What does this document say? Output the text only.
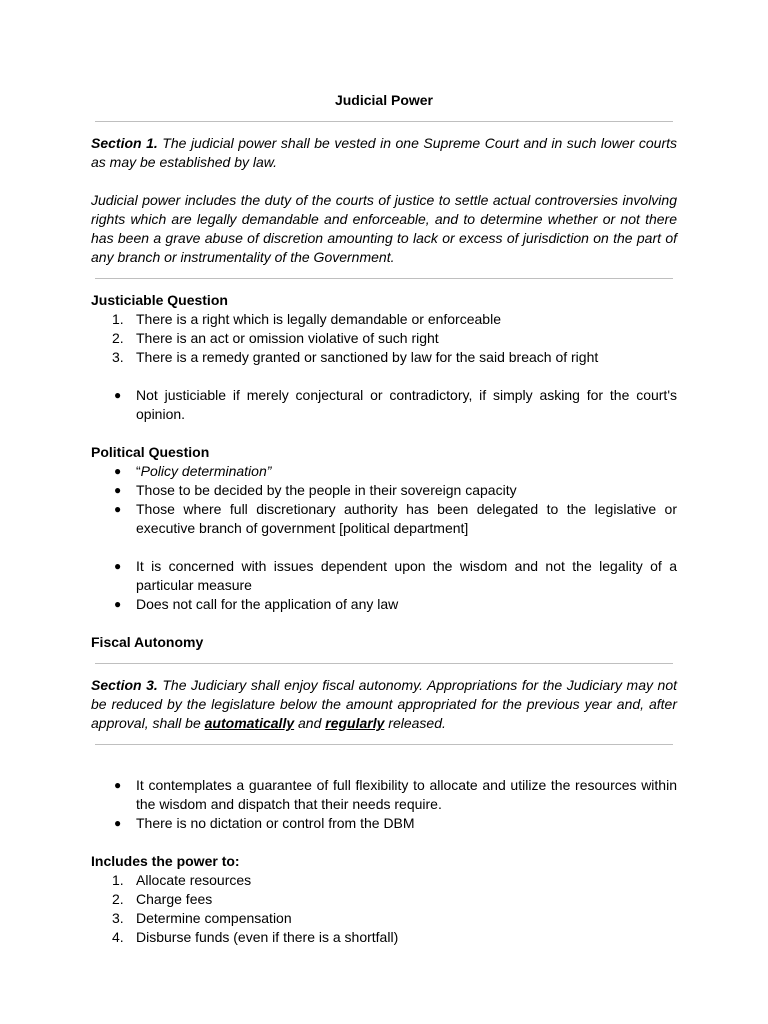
Judicial Power

Section 1. The judicial power shall be vested in one Supreme Court and in such lower courts as may be established by law.

Judicial power includes the duty of the courts of justice to settle actual controversies involving rights which are legally demandable and enforceable, and to determine whether or not there has been a grave abuse of discretion amounting to lack or excess of jurisdiction on the part of any branch or instrumentality of the Government.

Justiciable Question
1. There is a right which is legally demandable or enforceable
2. There is an act or omission violative of such right
3. There is a remedy granted or sanctioned by law for the said breach of right
● Not justiciable if merely conjectural or contradictory, if simply asking for the court's opinion.
Political Question
● “Policy determination”
● Those to be decided by the people in their sovereign capacity
● Those where full discretionary authority has been delegated to the legislative or executive branch of government [political department]
● It is concerned with issues dependent upon the wisdom and not the legality of a particular measure
● Does not call for the application of any law
Fiscal Autonomy

Section 3. The Judiciary shall enjoy fiscal autonomy. Appropriations for the Judiciary may not be reduced by the legislature below the amount appropriated for the previous year and, after approval, shall be automatically and regularly released.

● It contemplates a guarantee of full flexibility to allocate and utilize the resources within the wisdom and dispatch that their needs require.
● There is no dictation or control from the DBM
Includes the power to:
1. Allocate resources
2. Charge fees
3. Determine compensation
4. Disburse funds (even if there is a shortfall)
